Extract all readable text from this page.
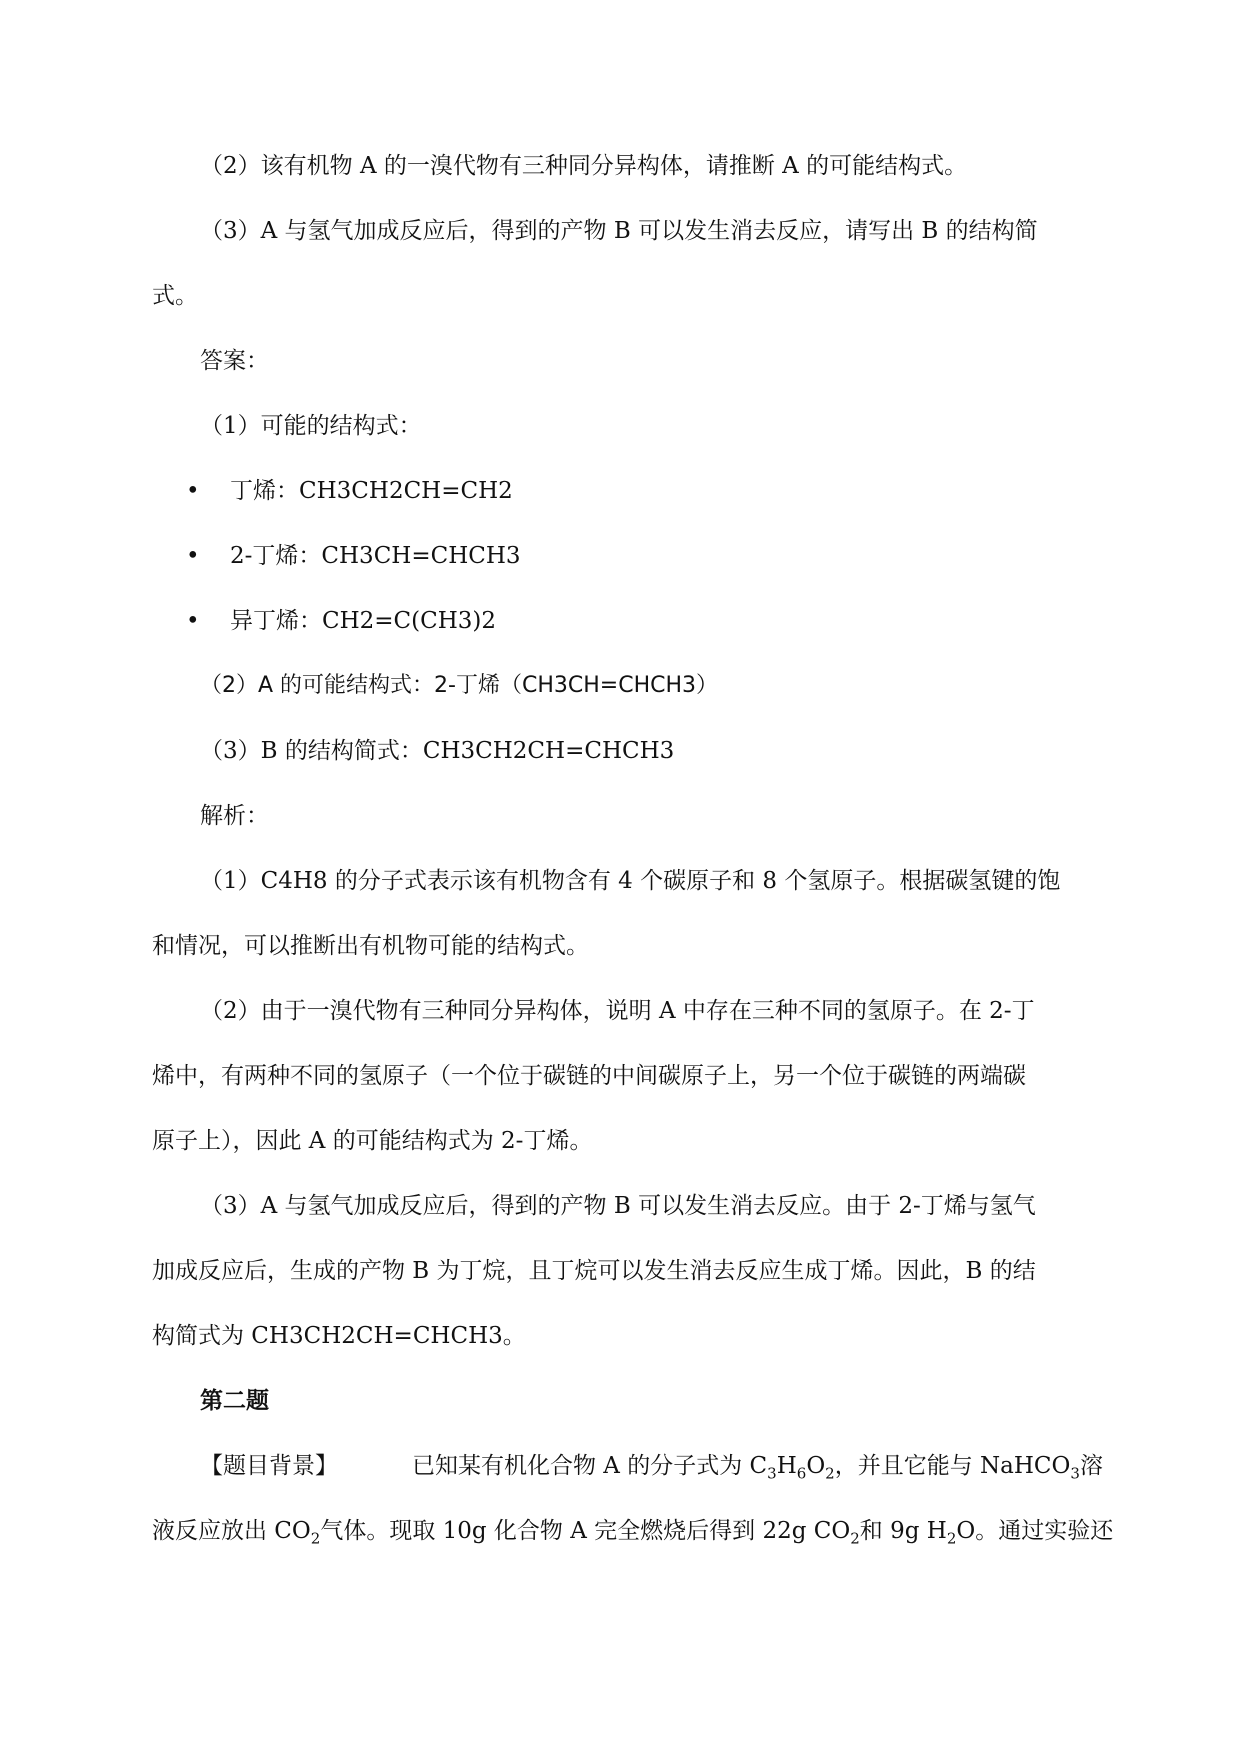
（2）该有机物 A 的一溴代物有三种同分异构体，请推断 A 的可能结构式。
（3）A 与氢气加成反应后，得到的产物 B 可以发生消去反应，请写出 B 的结构简
式。
答案：
（1）可能的结构式：
• 丁烯：CH3CH2CH=CH2
• 2-丁烯：CH3CH=CHCH3
• 异丁烯：CH2=C(CH3)2
（2）A 的可能结构式：2-丁烯（CH3CH=CHCH3）
（3）B 的结构简式：CH3CH2CH=CHCH3
解析：
（1）C4H8 的分子式表示该有机物含有 4 个碳原子和 8 个氢原子。根据碳氢键的饱
和情况，可以推断出有机物可能的结构式。
（2）由于一溴代物有三种同分异构体，说明 A 中存在三种不同的氢原子。在 2-丁
烯中，有两种不同的氢原子（一个位于碳链的中间碳原子上，另一个位于碳链的两端碳
原子上），因此 A 的可能结构式为 2-丁烯。
（3）A 与氢气加成反应后，得到的产物 B 可以发生消去反应。由于 2-丁烯与氢气
加成反应后，生成的产物 B 为丁烷，且丁烷可以发生消去反应生成丁烯。因此，B 的结
构简式为 CH3CH2CH=CHCH3。
第二题
【题目背景】	已知某有机化合物 A 的分子式为 $C_3H_6O_2$，并且它能与 NaHCO$_3$溶
液反应放出 $CO_2$气体。现取 10g 化合物 A 完全燃烧后得到 22g $CO_2$和 9g $H_2O$。通过实验还
